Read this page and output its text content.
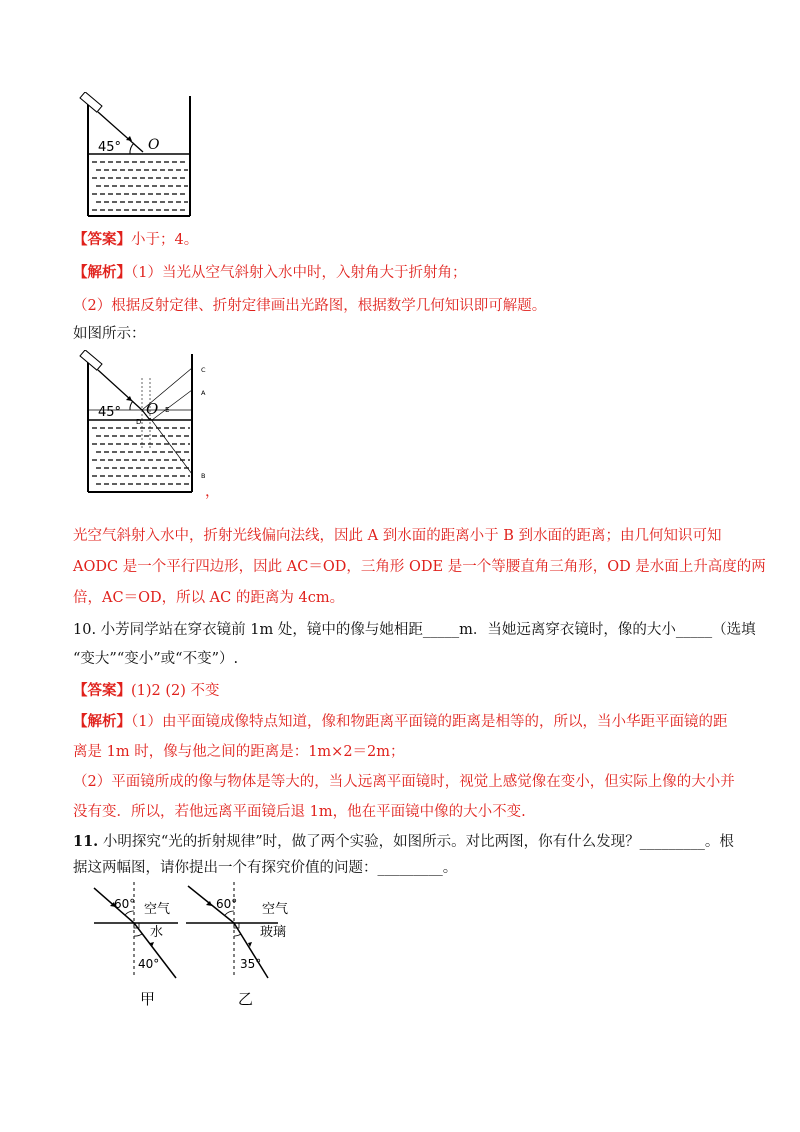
45° O
【答案】小于；4。
【解析】（1）当光从空气斜射入水中时，入射角大于折射角；
（2）根据反射定律、折射定律画出光路图，根据数学几何知识即可解题。
如图所示：
45° O
D
E
C
A
B
，
光空气斜射入水中，折射光线偏向法线，因此 A 到水面的距离小于 B 到水面的距离；由几何知识可知
AODC 是一个平行四边形，因此 AC＝OD，三角形 ODE 是一个等腰直角三角形，OD 是水面上升高度的两
倍，AC＝OD，所以 AC 的距离为 4cm。
10. 小芳同学站在穿衣镜前 1m 处，镜中的像与她相距_____m．当她远离穿衣镜时，像的大小_____（选填
“变大”“变小”或“不变”）.
【答案】(1)2 (2) 不变
【解析】（1）由平面镜成像特点知道，像和物距离平面镜的距离是相等的，所以，当小华距平面镜的距
离是 1m 时，像与他之间的距离是：1m×2＝2m；
（2）平面镜所成的像与物体是等大的，当人远离平面镜时，视觉上感觉像在变小，但实际上像的大小并
没有变．所以，若他远离平面镜后退 1m，他在平面镜中像的大小不变.
11. 小明探究“光的折射规律”时，做了两个实验，如图所示。对比两图，你有什么发现？_________。根
据这两幅图，请你提出一个有探究价值的问题：_________。
60° 空气
水
40°
甲
60° 空气
玻璃
35°
乙
